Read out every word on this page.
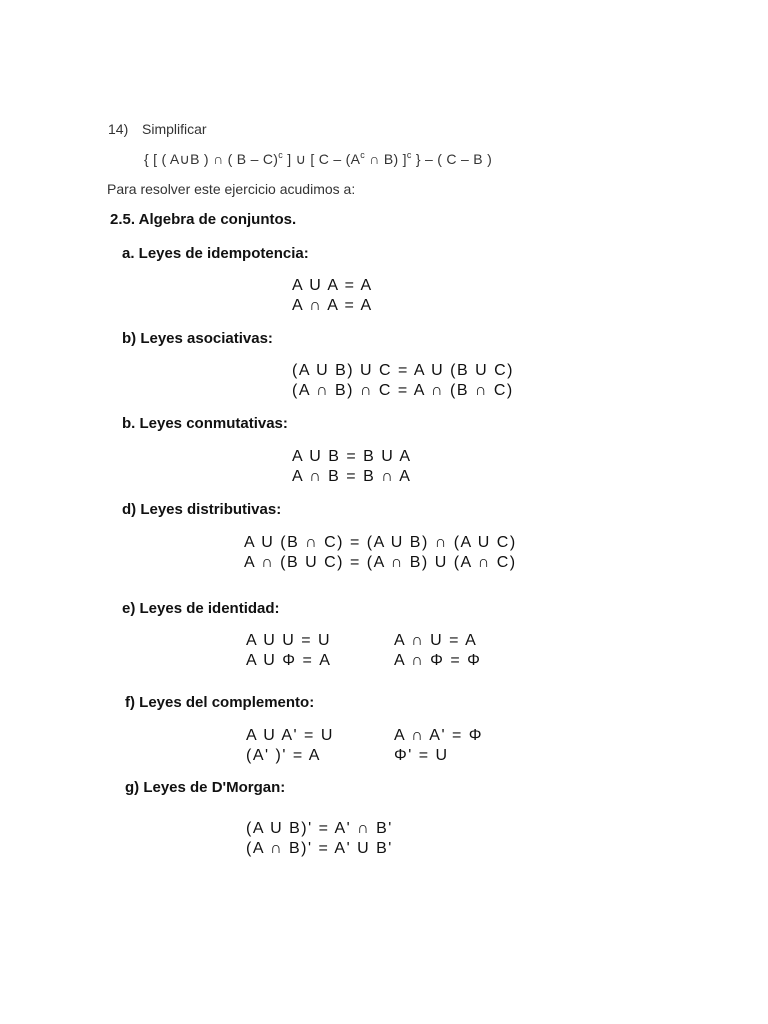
14) Simplificar
{ [ ( A∪B ) ∩ ( B – C)$^c$ ] ∪ [ C – ($A^c$ ∩ B) ]$^c$ } – ( C – B )
Para resolver este ejercicio acudimos a:
2.5. Algebra de conjuntos.
a. Leyes de idempotencia:
A U A = A
A ∩ A = A
b) Leyes asociativas:
(A U B) U C = A U (B U C)
(A ∩ B) ∩ C = A ∩ (B ∩ C)
b. Leyes conmutativas:
A U B = B U A
A ∩ B = B ∩ A
d) Leyes distributivas:
A U (B ∩ C) = (A U B) ∩ (A U C)
A ∩ (B U C) = (A ∩ B) U (A ∩ C)
e) Leyes de identidad:
A U U = U
A U Φ = A
A ∩ U = A
A ∩ Φ = Φ
f) Leyes del complemento:
A U A' = U
(A' )' = A
A ∩ A' = Φ
Φ' = U
g) Leyes de D'Morgan:
(A U B)' = A' ∩ B'
(A ∩ B)' = A' U B'
